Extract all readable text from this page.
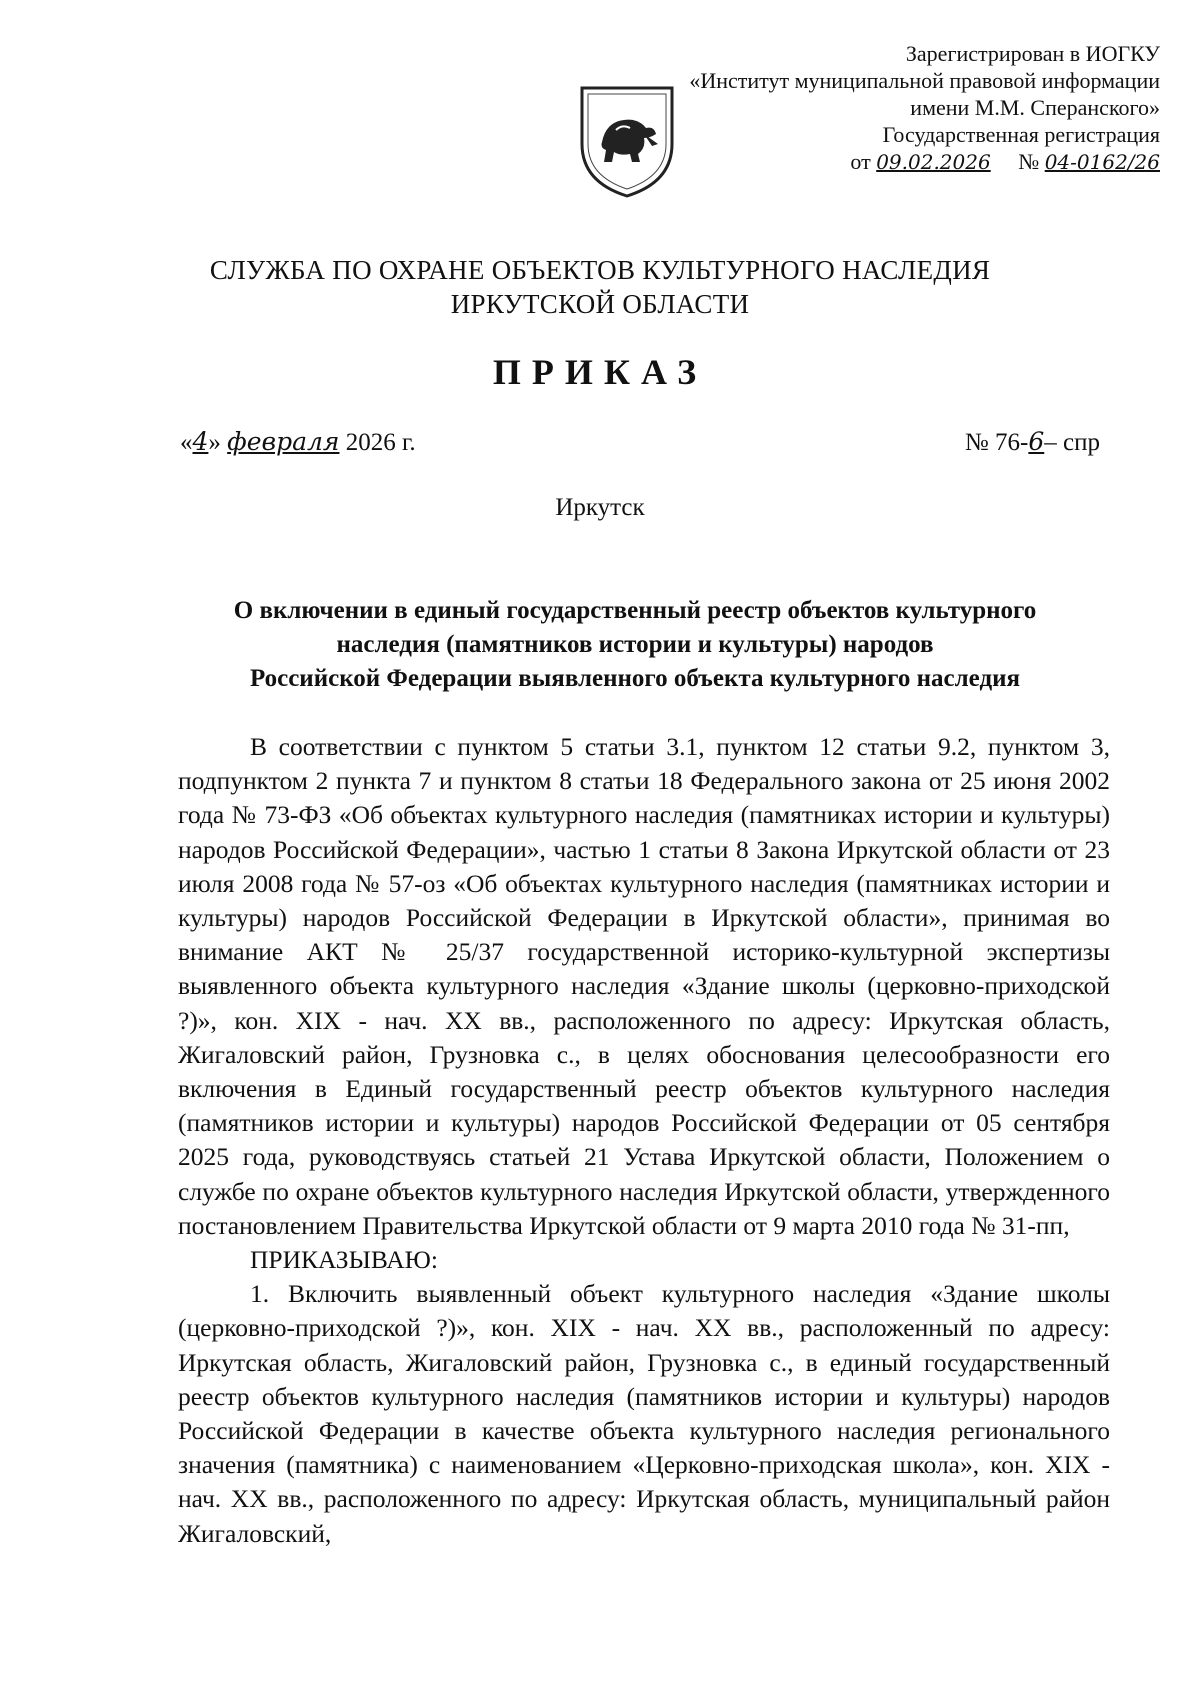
Зарегистрирован в ИОГКУ
«Институт муниципальной правовой информации
имени М.М. Сперанского»
Государственная регистрация
от 09.02.2026 № 04-0162/26
СЛУЖБА ПО ОХРАНЕ ОБЪЕКТОВ КУЛЬТУРНОГО НАСЛЕДИЯ
ИРКУТСКОЙ ОБЛАСТИ
ПРИКАЗ
«4» февраля 2026 г.	№ 76-6– спр
Иркутск
О включении в единый государственный реестр объектов культурного
наследия (памятников истории и культуры) народов
Российской Федерации выявленного объекта культурного наследия

В соответствии с пунктом 5 статьи 3.1, пунктом 12 статьи 9.2, пунктом 3, подпунктом 2 пункта 7 и пунктом 8 статьи 18 Федерального закона от 25 июня 2002 года № 73-ФЗ «Об объектах культурного наследия (памятниках истории и культуры) народов Российской Федерации», частью 1 статьи 8 Закона Иркутской области от 23 июля 2008 года № 57-оз «Об объектах культурного наследия (памятниках истории и культуры) народов Российской Федерации в Иркутской области», принимая во внимание АКТ № 25/37 государственной историко-культурной экспертизы выявленного объекта культурного наследия «Здание школы (церковно-приходской ?)», кон. XIX - нач. XX вв., расположенного по адресу: Иркутская область, Жигаловский район, Грузновка с., в целях обоснования целесообразности его включения в Единый государственный реестр объектов культурного наследия (памятников истории и культуры) народов Российской Федерации от 05 сентября 2025 года, руководствуясь статьей 21 Устава Иркутской области, Положением о службе по охране объектов культурного наследия Иркутской области, утвержденного постановлением Правительства Иркутской области от 9 марта 2010 года № 31-пп,

ПРИКАЗЫВАЮ:

1. Включить выявленный объект культурного наследия «Здание школы (церковно-приходской ?)», кон. XIX - нач. XX вв., расположенный по адресу: Иркутская область, Жигаловский район, Грузновка с., в единый государственный реестр объектов культурного наследия (памятников истории и культуры) народов Российской Федерации в качестве объекта культурного наследия регионального значения (памятника) с наименованием «Церковно-приходская школа», кон. XIX - нач. XX вв., расположенного по адресу: Иркутская область, муниципальный район Жигаловский,
